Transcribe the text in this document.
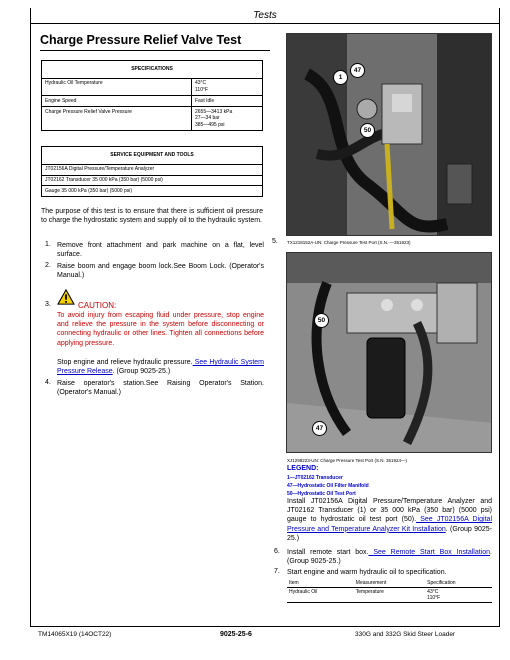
Tests
Charge Pressure Relief Valve Test
SPECIFICATIONS	
Hydraulic Oil Temperature	43°C
110°F

Engine Speed	Fast Idle
Charge Pressure Relief Valve Pressure	2655—3413 kPa
27—34 bar
385—495 psi
SERVICE EQUIPMENT AND TOOLS
JT02156A Digital Pressure/Temperature Analyzer
JT02162 Transducer 35 000 kPa (350 bar) (5000 psi)
Gauge 35 000 kPa (350 bar) (5000 psi)
The purpose of this test is to ensure that there is sufficient oil pressure to charge the hydrostatic system and supply oil to the hydraulic system.
1. Remove front attachment and park machine on a flat, level surface.
2. Raise boom and engage boom lock.See Boom Lock. (Operator's Manual.)
3.	CAUTION:
To avoid injury from escaping fluid under pressure, stop engine and relieve the pressure in the system before disconnecting or connecting hydraulic or other lines. Tighten all connections before applying pressure.
Stop engine and relieve hydraulic pressure. See Hydraulic System Pressure Release. (Group 9025-25.)
4. Raise operator's station.See Raising Operator's Station. (Operator's Manual.)
1
47
50
5. TX1218152A-UN: Charge Pressure Test Port (S.N. —351923)
50
47
XJ1298223-UN: Charge Pressure Test Port (S.N. 351924—)
LEGEND:
1—JT02162 Transducer
47—Hydrostatic Oil Filter Manifold
50—Hydrostatic Oil Test Port
Install JT02156A Digital Pressure/Temperature Analyzer and JT02162 Transducer (1) or 35 000 kPa (350 bar) (5000 psi) gauge to hydrostatic oil test port (50). See JT02156A Digital Pressure and Temperature Analyzer Kit Installation. (Group 9025-25.)
6. Install remote start box. See Remote Start Box Installation. (Group 9025-25.)
7. Start engine and warm hydraulic oil to specification.
Item	Measurement	Specification
Hydraulic Oil	Temperature	43°C
110°F
TM14065X19 (14OCT22)	9025-25-6	330G and 332G Skid Steer Loader
